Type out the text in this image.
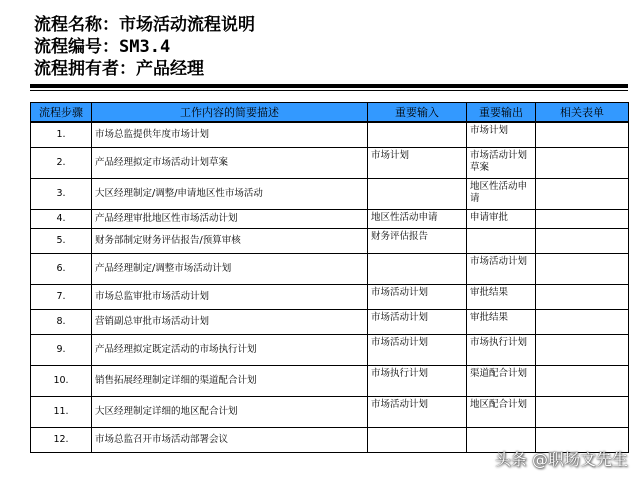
流程名称：市场活动流程说明
流程编号：SM3.4
流程拥有者：产品经理
流程步骤	工作内容的简要描述	重要输入	重要输出	相关表单
1.	市场总监提供年度市场计划		市场计划	
2.	产品经理拟定市场活动计划草案	市场计划	市场活动计划草案	
3.	大区经理制定/调整/申请地区性市场活动		地区性活动申请	
4.	产品经理审批地区性市场活动计划	地区性活动申请	申请审批	
5.	财务部制定财务评估报告/预算审核	财务评估报告		
6.	产品经理制定/调整市场活动计划		市场活动计划	
7.	市场总监审批市场活动计划	市场活动计划	审批结果	
8.	营销副总审批市场活动计划	市场活动计划	审批结果	
9.	产品经理拟定既定活动的市场执行计划	市场活动计划	市场执行计划	
10.	销售拓展经理制定详细的渠道配合计划	市场执行计划	渠道配合计划	
11.	大区经理制定详细的地区配合计划	市场活动计划	地区配合计划	
12.	市场总监召开市场活动部署会议			
头条 @职场文先生
